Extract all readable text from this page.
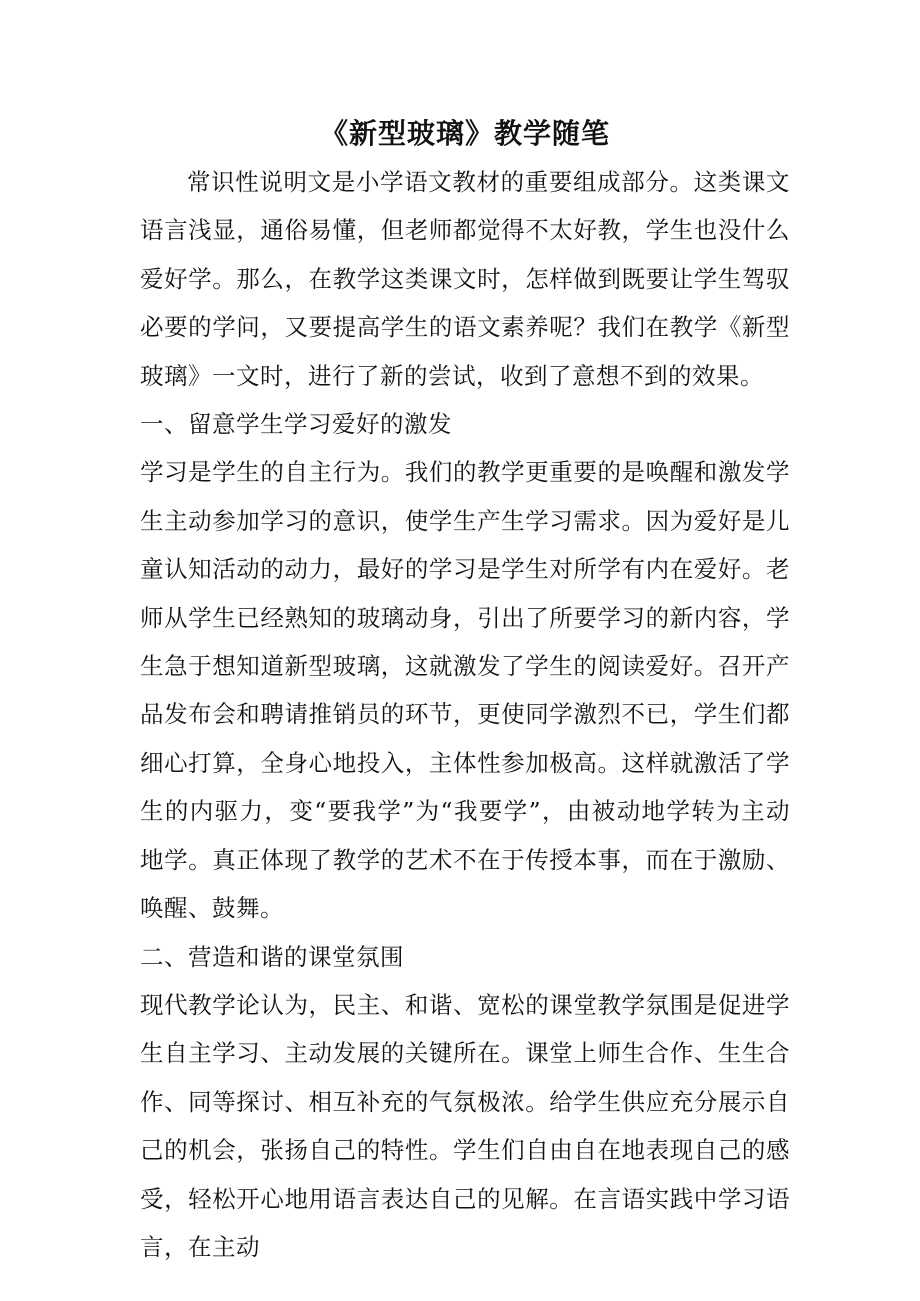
《新型玻璃》教学随笔

常识性说明文是小学语文教材的重要组成部分。这类课文语言浅显，通俗易懂，但老师都觉得不太好教，学生也没什么爱好学。那么，在教学这类课文时，怎样做到既要让学生驾驭必要的学问，又要提高学生的语文素养呢？我们在教学《新型玻璃》一文时，进行了新的尝试，收到了意想不到的效果。

一、留意学生学习爱好的激发

学习是学生的自主行为。我们的教学更重要的是唤醒和激发学生主动参加学习的意识，使学生产生学习需求。因为爱好是儿童认知活动的动力，最好的学习是学生对所学有内在爱好。老师从学生已经熟知的玻璃动身，引出了所要学习的新内容，学生急于想知道新型玻璃，这就激发了学生的阅读爱好。召开产品发布会和聘请推销员的环节，更使同学激烈不已，学生们都细心打算，全身心地投入，主体性参加极高。这样就激活了学生的内驱力，变“要我学”为“我要学”，由被动地学转为主动地学。真正体现了教学的艺术不在于传授本事，而在于激励、唤醒、鼓舞。

二、营造和谐的课堂氛围

现代教学论认为，民主、和谐、宽松的课堂教学氛围是促进学生自主学习、主动发展的关键所在。课堂上师生合作、生生合作、同等探讨、相互补充的气氛极浓。给学生供应充分展示自己的机会，张扬自己的特性。学生们自由自在地表现自己的感受，轻松开心地用语言表达自己的见解。在言语实践中学习语言，在主动
